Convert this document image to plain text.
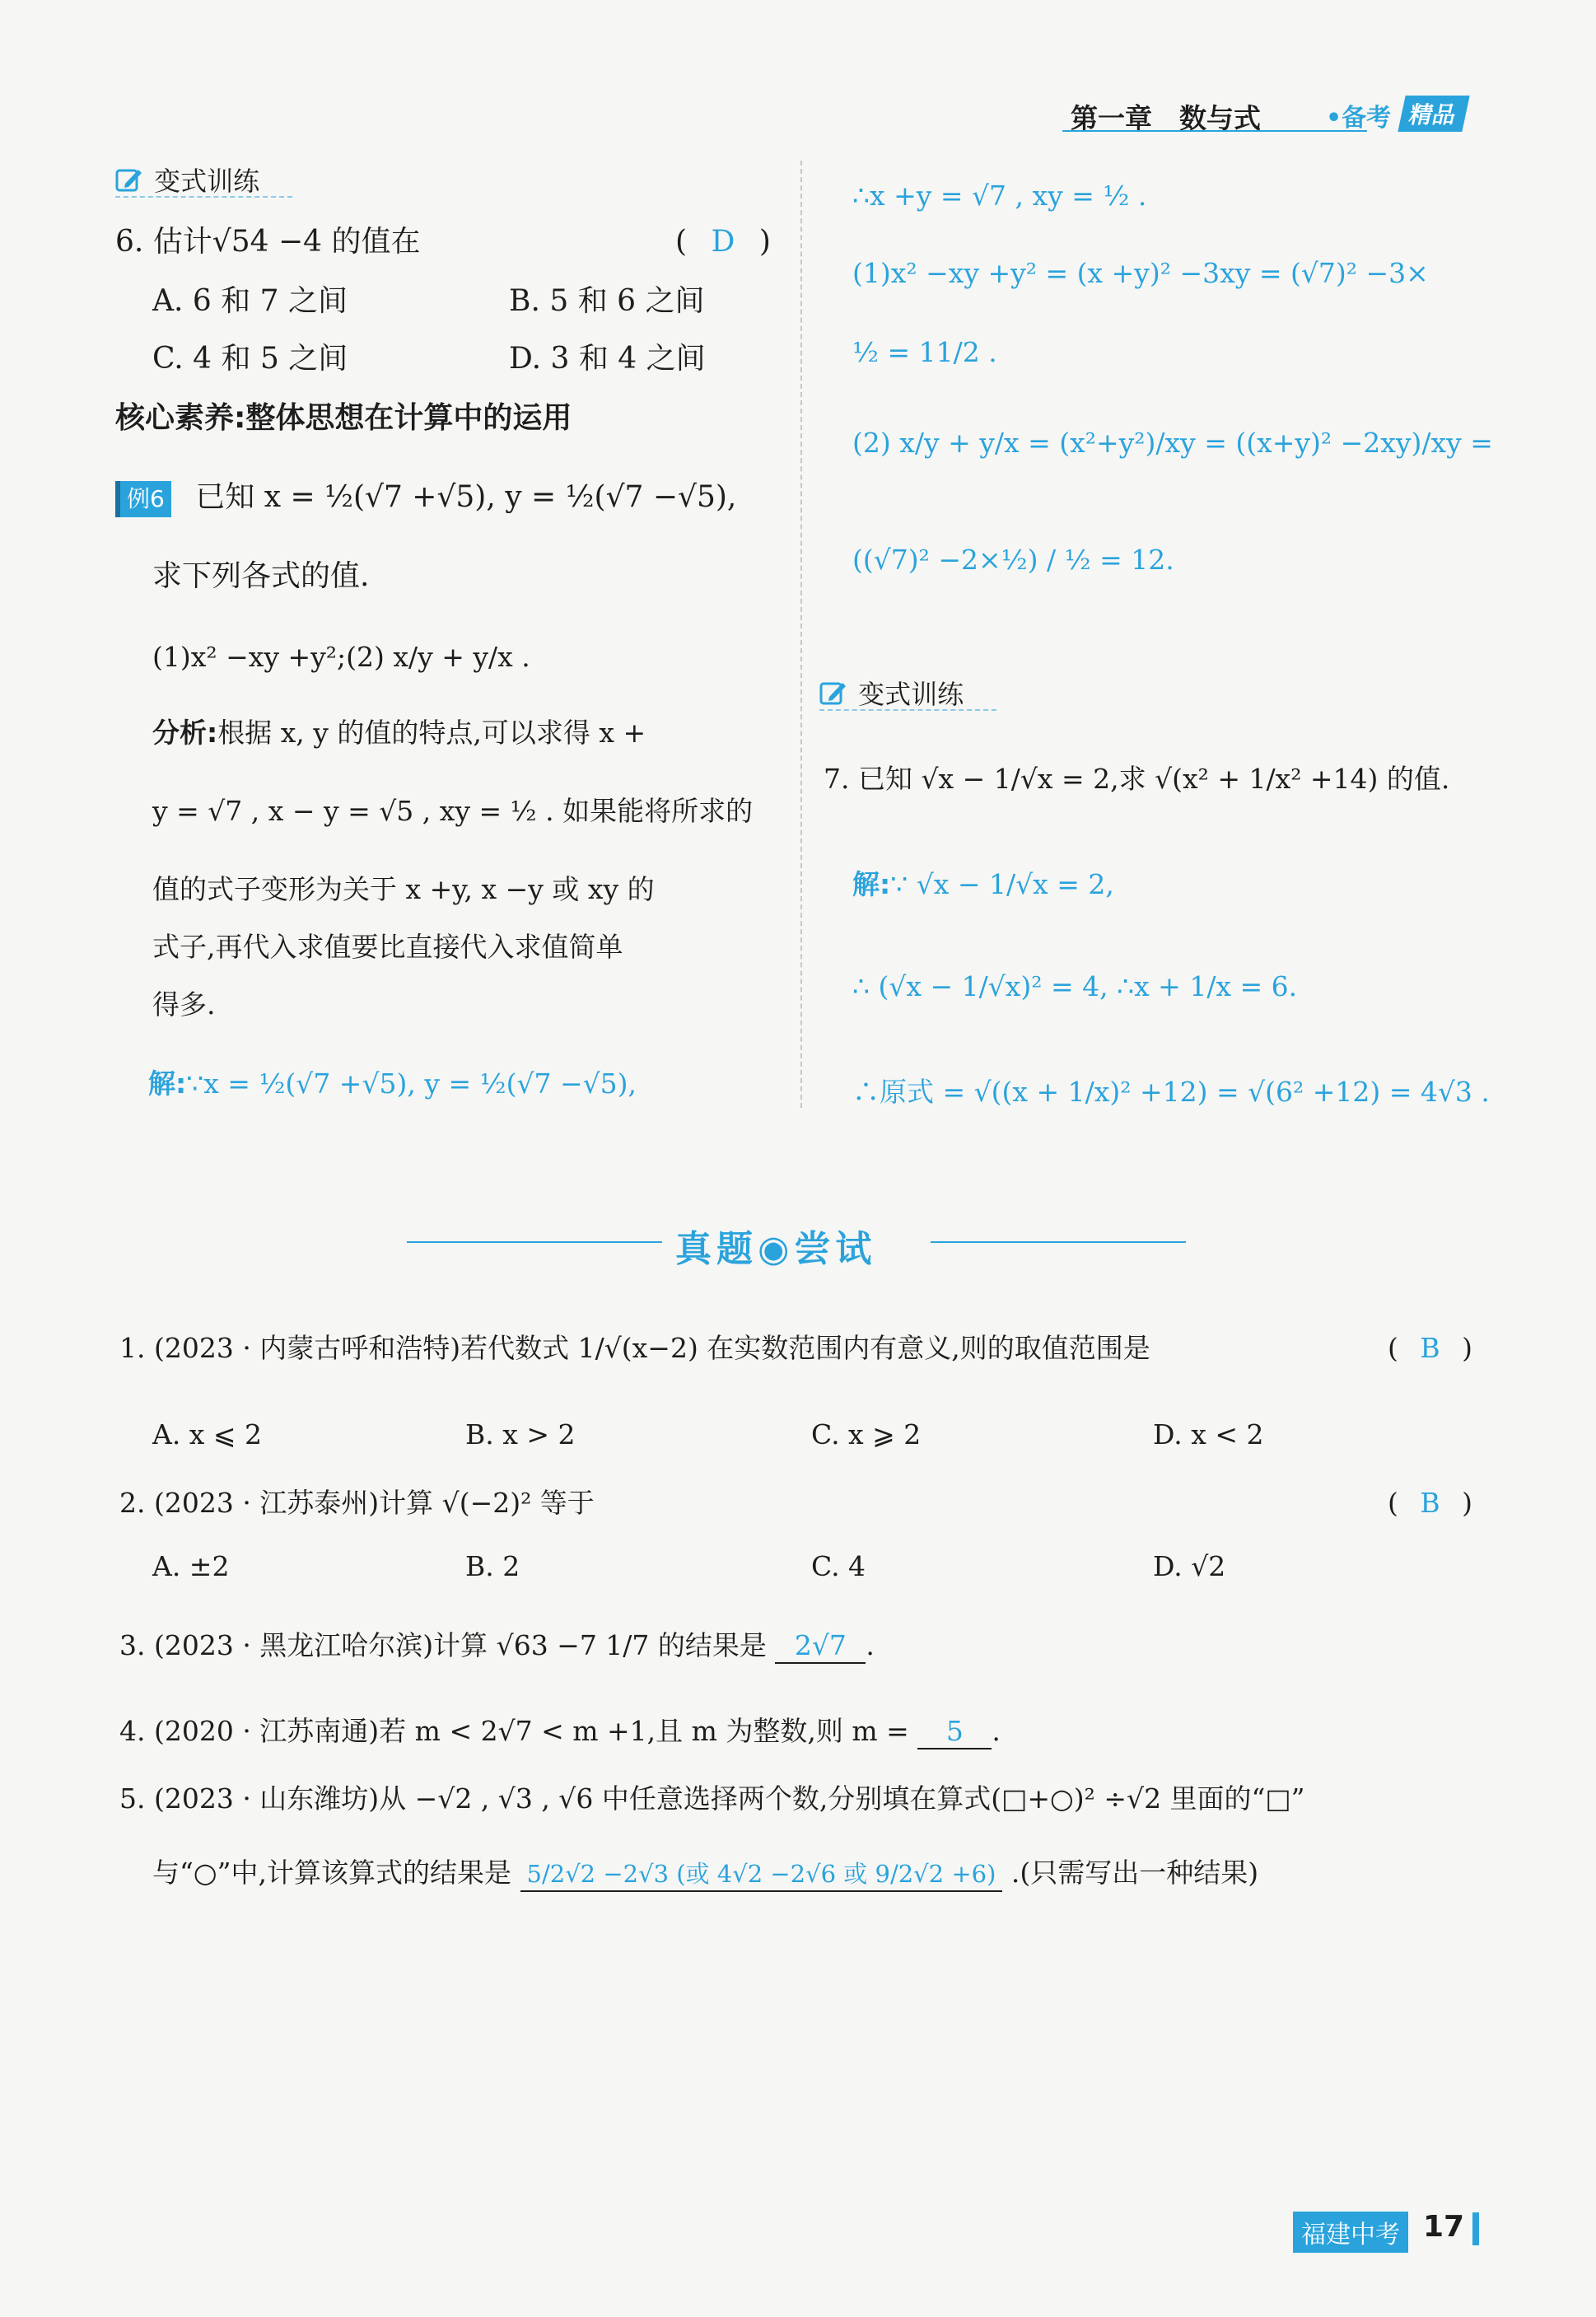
第一章　数与式	•备考 精品
变式训练
6. 估计√54 −4 的值在	( D )
A. 6 和 7 之间	B. 5 和 6 之间
C. 4 和 5 之间	D. 3 和 4 之间
核心素养:整体思想在计算中的运用
例6 已知 x = ½(√7 +√5), y = ½(√7 −√5),
求下列各式的值.
(1)x² −xy +y²;(2) x/y + y/x .
分析:根据 x, y 的值的特点,可以求得 x +
y = √7 , x − y = √5 , xy = ½ . 如果能将所求的
值的式子变形为关于 x +y, x −y 或 xy 的
式子,再代入求值要比直接代入求值简单
得多.
解:∵x = ½(√7 +√5), y = ½(√7 −√5),
∴x +y = √7 , xy = ½ .
(1)x² −xy +y² = (x +y)² −3xy = (√7)² −3×
½ = 11/2 .
(2) x/y + y/x = (x²+y²)/xy = ((x+y)² −2xy)/xy =
((√7)² −2×½) / ½ = 12.
变式训练
7. 已知 √x − 1/√x = 2,求 √(x² + 1/x² +14) 的值.
解:∵ √x − 1/√x = 2,
∴ (√x − 1/√x)² = 4, ∴x + 1/x = 6.
∴原式 = √((x + 1/x)² +12) = √(6² +12) = 4√3 .
真题◉尝试
1. (2023 · 内蒙古呼和浩特)若代数式 1/√(x−2) 在实数范围内有意义,则的取值范围是	( B )
A. x ⩽ 2	B. x > 2	C. x ⩾ 2	D. x < 2
2. (2023 · 江苏泰州)计算 √(−2)² 等于	( B )
A. ±2	B. 2	C. 4	D. √2
3. (2023 · 黑龙江哈尔滨)计算 √63 −7 1/7 的结果是 2√7 .
4. (2020 · 江苏南通)若 m < 2√7 < m +1,且 m 为整数,则 m = 5 .
5. (2023 · 山东潍坊)从 −√2 , √3 , √6 中任意选择两个数,分别填在算式(□+○)² ÷√2 里面的“□”
与“○”中,计算该算式的结果是 5/2√2 −2√3 (或 4√2 −2√6 或 9/2√2 +6) .(只需写出一种结果)
福建中考 17
